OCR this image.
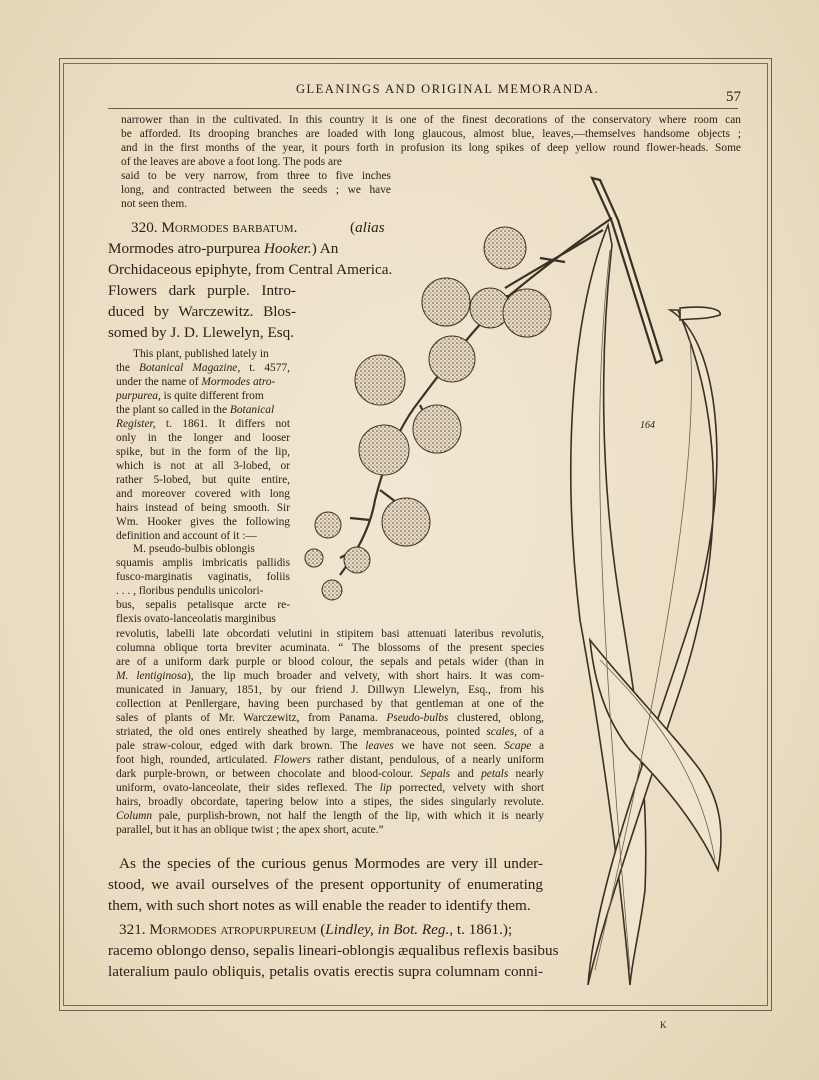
GLEANINGS AND ORIGINAL MEMORANDA.	57
narrower than in the cultivated. In this country it is one of the finest decorations of the conservatory where room can
be afforded. Its drooping branches are loaded with long glaucous, almost blue, leaves,—themselves handsome objects ;
and in the first months of the year, it pours forth in profusion its long spikes of deep yellow round flower-heads. Some
of the leaves are above a foot long. The pods are
said to be very narrow, from three to five inches
long, and contracted between the seeds ; we have
not seen them.
320. Mormodes barbatum.	(alias
Mormodes atro-purpurea Hooker.) An
Orchidaceous epiphyte, from Central America.
Flowers dark purple. Intro-
duced by Warczewitz. Blos-
somed by J. D. Llewelyn, Esq.
This plant, published lately in
the Botanical Magazine, t. 4577,
under the name of Mormodes atro-
purpurea, is quite different from
the plant so called in the Botanical
Register, t. 1861. It differs not
only in the longer and looser
spike, but in the form of the lip,
which is not at all 3-lobed, or
rather 5-lobed, but quite entire,
and moreover covered with long
hairs instead of being smooth. Sir
Wm. Hooker gives the following
definition and account of it :—
M. pseudo-bulbis oblongis
squamis amplis imbricatis pallidis
fusco-marginatis vaginatis, foliis
. . . , floribus pendulis unicolori-
bus, sepalis petalisque arcte re-
flexis ovato-lanceolatis marginibus
revolutis, labelli late obcordati velutini in stipitem basi attenuati lateribus revolutis,
columna oblique torta breviter acuminata. “ The blossoms of the present species
are of a uniform dark purple or blood colour, the sepals and petals wider (than in
M. lentiginosa), the lip much broader and velvety, with short hairs. It was com-
municated in January, 1851, by our friend J. Dillwyn Llewelyn, Esq., from his
collection at Penllergare, having been purchased by that gentleman at one of the
sales of plants of Mr. Warczewitz, from Panama. Pseudo-bulbs clustered, oblong,
striated, the old ones entirely sheathed by large, membranaceous, pointed scales, of a
pale straw-colour, edged with dark brown. The leaves we have not seen. Scape a
foot high, rounded, articulated. Flowers rather distant, pendulous, of a nearly uniform
dark purple-brown, or between chocolate and blood-colour. Sepals and petals nearly
uniform, ovato-lanceolate, their sides reflexed. The lip porrected, velvety with short
hairs, broadly obcordate, tapering below into a stipes, the sides singularly revolute.
Column pale, purplish-brown, not half the length of the lip, with which it is nearly
parallel, but it has an oblique twist ; the apex short, acute.”
As the species of the curious genus Mormodes are very ill under-
stood, we avail ourselves of the present opportunity of enumerating
them, with such short notes as will enable the reader to identify them.
321. Mormodes atropurpureum (Lindley, in Bot. Reg., t. 1861.);
racemo oblongo denso, sepalis lineari-oblongis æqualibus reflexis basibus
lateralium paulo obliquis, petalis ovatis erectis supra columnam conni-
164
K
